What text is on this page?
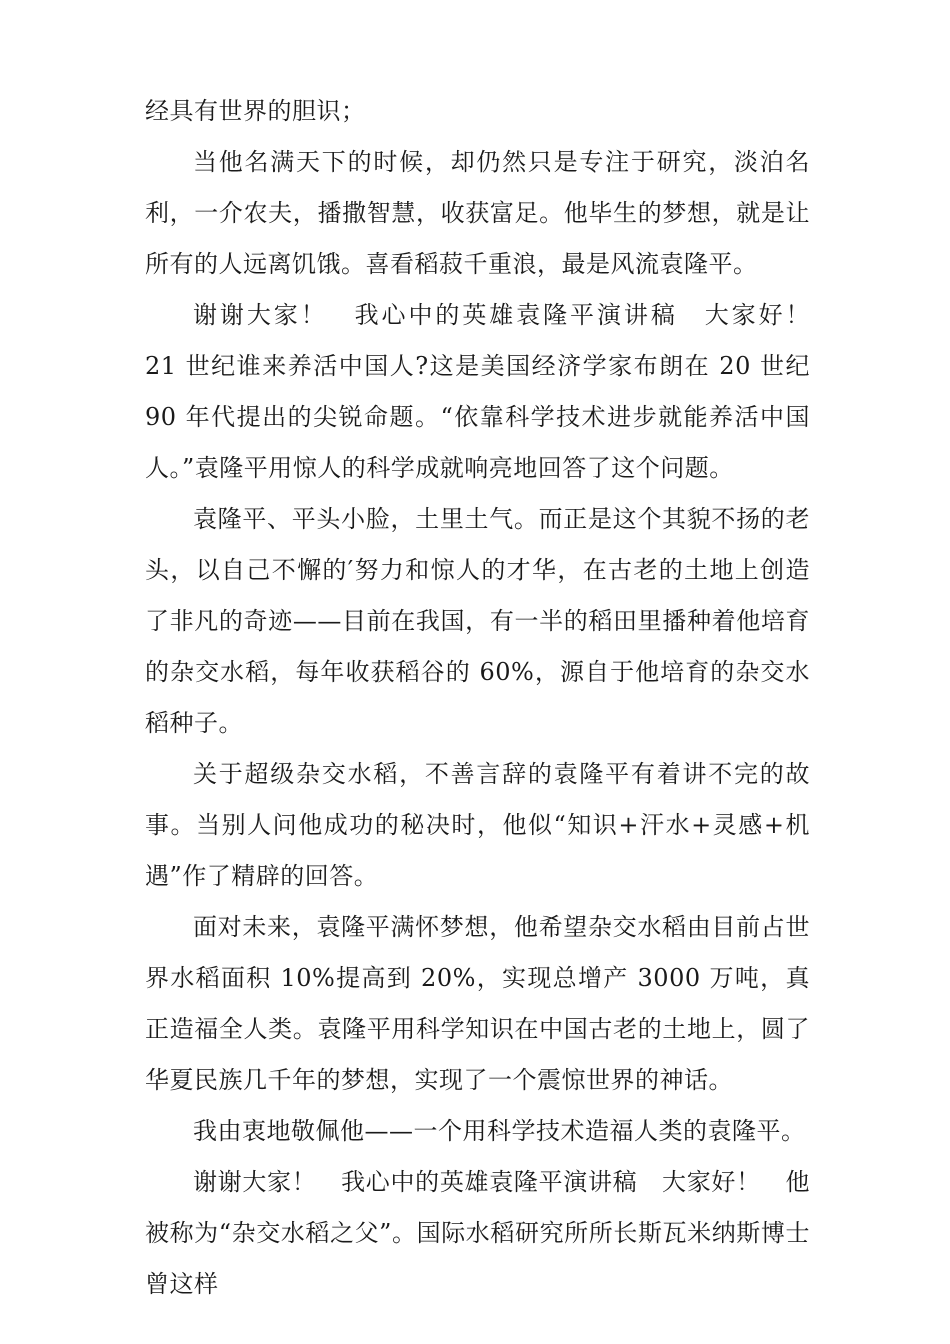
经具有世界的胆识；

当他名满天下的时候，却仍然只是专注于研究，淡泊名利，一介农夫，播撒智慧，收获富足。他毕生的梦想，就是让所有的人远离饥饿。喜看稻菽千重浪，最是风流袁隆平。

谢谢大家！　我心中的英雄袁隆平演讲稿　大家好！　21 世纪谁来养活中国人?这是美国经济学家布朗在 20 世纪 90 年代提出的尖锐命题。“依靠科学技术进步就能养活中国人。”袁隆平用惊人的科学成就响亮地回答了这个问题。

袁隆平、平头小脸，土里土气。而正是这个其貌不扬的老头，以自己不懈的′努力和惊人的才华，在古老的土地上创造了非凡的奇迹——目前在我国，有一半的稻田里播种着他培育的杂交水稻，每年收获稻谷的 60%，源自于他培育的杂交水稻种子。

关于超级杂交水稻，不善言辞的袁隆平有着讲不完的故事。当别人问他成功的秘决时，他似“知识+汗水+灵感+机遇”作了精辟的回答。

面对未来，袁隆平满怀梦想，他希望杂交水稻由目前占世界水稻面积 10%提高到 20%，实现总增产 3000 万吨，真正造福全人类。袁隆平用科学知识在中国古老的土地上，圆了华夏民族几千年的梦想，实现了一个震惊世界的神话。

我由衷地敬佩他——一个用科学技术造福人类的袁隆平。

谢谢大家！　我心中的英雄袁隆平演讲稿　大家好！　他被称为“杂交水稻之父”。国际水稻研究所所长斯瓦米纳斯博士曾这样
